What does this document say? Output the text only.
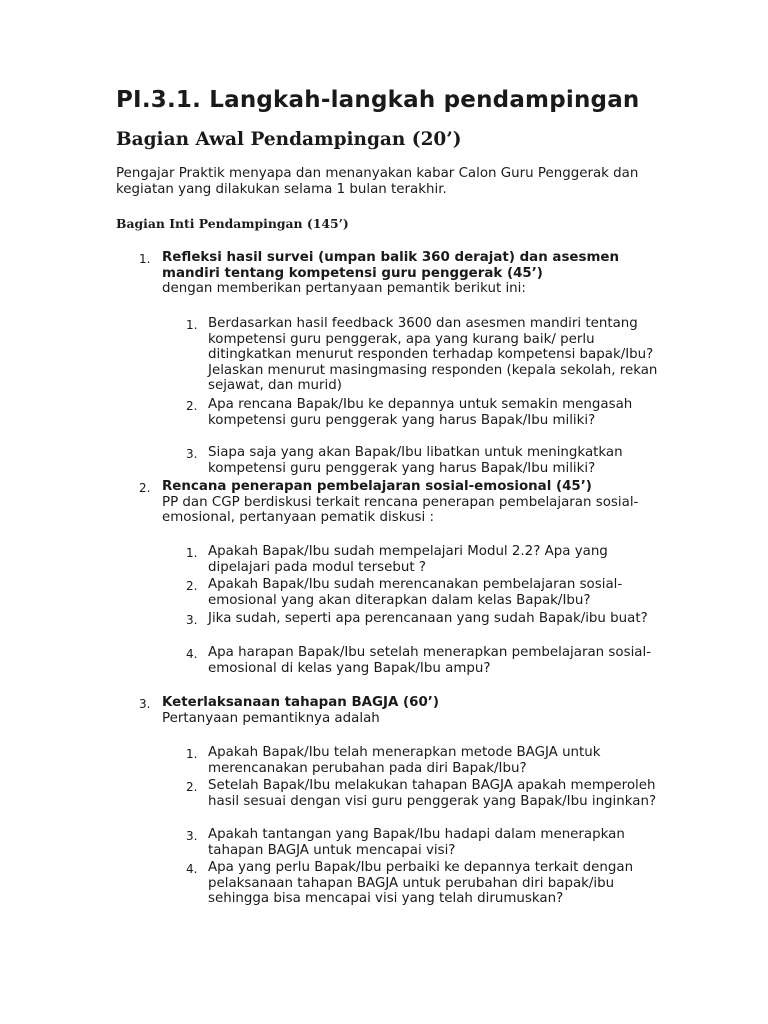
PI.3.1. Langkah-langkah pendampingan
Bagian Awal Pendampingan (20’)
Pengajar Praktik menyapa dan menanyakan kabar Calon Guru Penggerak dan kegiatan yang dilakukan selama 1 bulan terakhir.
Bagian Inti Pendampingan (145’)
1. Refleksi hasil survei (umpan balik 360 derajat) dan asesmen mandiri tentang kompetensi guru penggerak (45’)
dengan memberikan pertanyaan pemantik berikut ini:
1. Berdasarkan hasil feedback 3600 dan asesmen mandiri tentang kompetensi guru penggerak, apa yang kurang baik/ perlu ditingkatkan menurut responden terhadap kompetensi bapak/Ibu? Jelaskan menurut masingmasing responden (kepala sekolah, rekan sejawat, dan murid)
2. Apa rencana Bapak/Ibu ke depannya untuk semakin mengasah kompetensi guru penggerak yang harus Bapak/Ibu miliki?
3. Siapa saja yang akan Bapak/Ibu libatkan untuk meningkatkan kompetensi guru penggerak yang harus Bapak/Ibu miliki?
2. Rencana penerapan pembelajaran sosial-emosional (45’)
PP dan CGP berdiskusi terkait rencana penerapan pembelajaran sosial-emosional, pertanyaan pematik diskusi :
1. Apakah Bapak/Ibu sudah mempelajari Modul 2.2? Apa yang dipelajari pada modul tersebut ?
2. Apakah Bapak/Ibu sudah merencanakan pembelajaran sosial-emosional yang akan diterapkan dalam kelas Bapak/Ibu?
3. Jika sudah, seperti apa perencanaan yang sudah Bapak/ibu buat?
4. Apa harapan Bapak/Ibu setelah menerapkan pembelajaran sosial-emosional di kelas yang Bapak/Ibu ampu?
3. Keterlaksanaan tahapan BAGJA (60’)
Pertanyaan pemantiknya adalah
1. Apakah Bapak/Ibu telah menerapkan metode BAGJA untuk merencanakan perubahan pada diri Bapak/Ibu?
2. Setelah Bapak/Ibu melakukan tahapan BAGJA apakah memperoleh hasil sesuai dengan visi guru penggerak yang Bapak/Ibu inginkan?
3. Apakah tantangan yang Bapak/Ibu hadapi dalam menerapkan tahapan BAGJA untuk mencapai visi?
4. Apa yang perlu Bapak/Ibu perbaiki ke depannya terkait dengan pelaksanaan tahapan BAGJA untuk perubahan diri bapak/ibu sehingga bisa mencapai visi yang telah dirumuskan?
